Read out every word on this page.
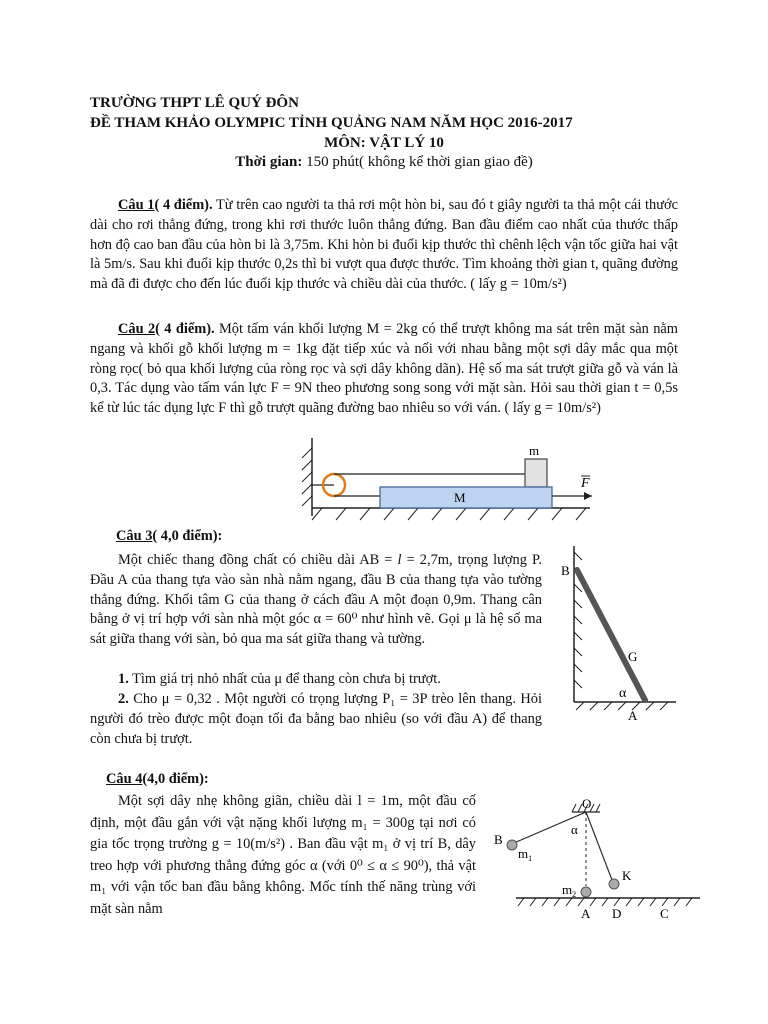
TRƯỜNG THPT LÊ QUÝ ĐÔN
ĐỀ THAM KHẢO OLYMPIC TỈNH QUẢNG NAM NĂM HỌC 2016-2017
MÔN: VẬT LÝ 10
Thời gian: 150 phút( không kể thời gian giao đề)
Câu 1( 4 điểm). Từ trên cao người ta thả rơi một hòn bi, sau đó t giây người ta thả một cái thước dài cho rơi thẳng đứng, trong khi rơi thước luôn thẳng đứng. Ban đầu điểm cao nhất của thước thấp hơn độ cao ban đầu của hòn bi là 3,75m. Khi hòn bi đuổi kịp thước thì chênh lệch vận tốc giữa hai vật là 5m/s. Sau khi đuổi kịp thước 0,2s thì bi vượt qua được thước. Tìm khoảng thời gian t, quãng đường mà đã đi được cho đến lúc đuổi kịp thước và chiều dài của thước. ( lấy g = 10m/s²)
Câu 2( 4 điểm). Một tấm ván khối lượng M = 2kg có thể trượt không ma sát trên mặt sàn nằm ngang và khối gỗ khối lượng m = 1kg đặt tiếp xúc và nối với nhau bằng một sợi dây mắc qua một ròng rọc( bỏ qua khối lượng của ròng rọc và sợi dây không dãn). Hệ số ma sát trượt giữa gỗ và ván là 0,3. Tác dụng vào tấm ván lực F = 9N theo phương song song với mặt sàn. Hỏi sau thời gian t = 0,5s kể từ lúc tác dụng lực F thì gỗ trượt quãng đường bao nhiêu so với ván. ( lấy g = 10m/s²)
m
M
F
Câu 3( 4,0 điểm):
Một chiếc thang đồng chất có chiều dài AB = l = 2,7m, trọng lượng P. Đầu A của thang tựa vào sàn nhà nằm ngang, đầu B của thang tựa vào tường thẳng đứng. Khối tâm G của thang ở cách đầu A một đoạn 0,9m. Thang cân bằng ở vị trí hợp với sàn nhà một góc α = 60⁰ như hình vẽ. Gọi μ là hệ số ma sát giữa thang với sàn, bỏ qua ma sát giữa thang và tường.
1. Tìm giá trị nhỏ nhất của μ để thang còn chưa bị trượt.
2. Cho μ = 0,32 . Một người có trọng lượng P₁ = 3P trèo lên thang. Hỏi người đó trèo được một đoạn tối đa bằng bao nhiêu (so với đầu A) để thang còn chưa bị trượt.
B
G
α
A
Câu 4(4,0 điểm):
Một sợi dây nhẹ không giãn, chiều dài l = 1m, một đầu cố định, một đầu gắn với vật nặng khối lượng m₁ = 300g tại nơi có gia tốc trọng trường g = 10(m/s²) . Ban đầu vật m₁ ở vị trí B, dây treo hợp với phương thẳng đứng góc α (với 0⁰ ≤ α ≤ 90⁰), thả vật m₁ với vận tốc ban đầu bằng không. Mốc tính thế năng trùng với mặt sàn nằm
O
α
B
$m_1$
K
$m_2$
A D	C
